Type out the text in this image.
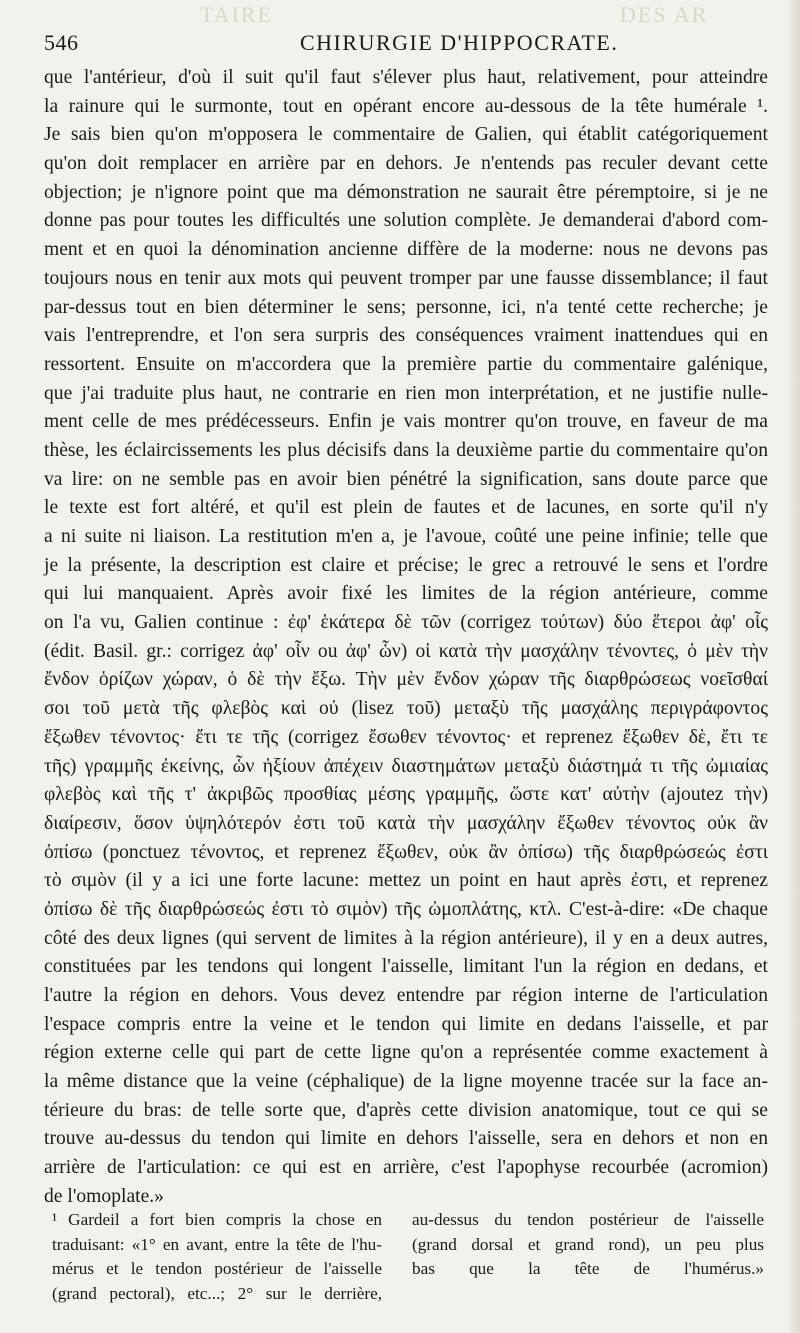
TAIRE	DES AR
546	CHIRURGIE D'HIPPOCRATE.
que l'antérieur, d'où il suit qu'il faut s'élever plus haut, relativement, pour atteindre
la rainure qui le surmonte, tout en opérant encore au-dessous de la tête humérale ¹.
Je sais bien qu'on m'opposera le commentaire de Galien, qui établit catégoriquement
qu'on doit remplacer en arrière par en dehors. Je n'entends pas reculer devant cette
objection; je n'ignore point que ma démonstration ne saurait être péremptoire, si je ne
donne pas pour toutes les difficultés une solution complète. Je demanderai d'abord com-
ment et en quoi la dénomination ancienne diffère de la moderne: nous ne devons pas
toujours nous en tenir aux mots qui peuvent tromper par une fausse dissemblance; il faut
par-dessus tout en bien déterminer le sens; personne, ici, n'a tenté cette recherche; je
vais l'entreprendre, et l'on sera surpris des conséquences vraiment inattendues qui en
ressortent. Ensuite on m'accordera que la première partie du commentaire galénique,
que j'ai traduite plus haut, ne contrarie en rien mon interprétation, et ne justifie nulle-
ment celle de mes prédécesseurs. Enfin je vais montrer qu'on trouve, en faveur de ma
thèse, les éclaircissements les plus décisifs dans la deuxième partie du commentaire qu'on
va lire: on ne semble pas en avoir bien pénétré la signification, sans doute parce que
le texte est fort altéré, et qu'il est plein de fautes et de lacunes, en sorte qu'il n'y
a ni suite ni liaison. La restitution m'en a, je l'avoue, coûté une peine infinie; telle que
je la présente, la description est claire et précise; le grec a retrouvé le sens et l'ordre
qui lui manquaient. Après avoir fixé les limites de la région antérieure, comme
on l'a vu, Galien continue : ἐφ' ἑκάτερα δὲ τῶν (corrigez τούτων) δύο ἕτεροι ἀφ' οἷς
(édit. Basil. gr.: corrigez ἀφ' οἷν ou ἀφ' ὧν) οἱ κατὰ τὴν μασχάλην τένοντες, ὁ μὲν τὴν
ἔνδον ὁρίζων χώραν, ὁ δὲ τὴν ἔξω. Τὴν μὲν ἔνδον χώραν τῆς διαρθρώσεως νοεῖσθαί
σοι τοῦ μετὰ τῆς φλεβὸς καὶ οὐ (lisez τοῦ) μεταξὺ τῆς μασχάλης περιγράφοντος
ἔξωθεν τένοντος· ἔτι τε τῆς (corrigez ἔσωθεν τένοντος· et reprenez ἔξωθεν δὲ, ἔτι τε
τῆς) γραμμῆς ἐκείνης, ὧν ἠξίουν ἀπέχειν διαστημάτων μεταξὺ διάστημά τι τῆς ὠμιαίας
φλεβὸς καὶ τῆς τ' ἀκριβῶς προσθίας μέσης γραμμῆς, ὥστε κατ' αὐτὴν (ajoutez τὴν)
διαίρεσιν, ὅσον ὑψηλότερόν ἐστι τοῦ κατὰ τὴν μασχάλην ἔξωθεν τένοντος οὐκ ἂν
ὀπίσω (ponctuez τένοντος, et reprenez ἔξωθεν, οὐκ ἂν ὀπίσω) τῆς διαρθρώσεώς ἐστι
τὸ σιμὸν (il y a ici une forte lacune: mettez un point en haut après ἐστι, et reprenez
ὀπίσω δὲ τῆς διαρθρώσεώς ἐστι τὸ σιμὸν) τῆς ὠμοπλάτης, κτλ. C'est-à-dire: «De chaque
côté des deux lignes (qui servent de limites à la région antérieure), il y en a deux autres,
constituées par les tendons qui longent l'aisselle, limitant l'un la région en dedans, et
l'autre la région en dehors. Vous devez entendre par région interne de l'articulation
l'espace compris entre la veine et le tendon qui limite en dedans l'aisselle, et par
région externe celle qui part de cette ligne qu'on a représentée comme exactement à
la même distance que la veine (céphalique) de la ligne moyenne tracée sur la face an-
térieure du bras: de telle sorte que, d'après cette division anatomique, tout ce qui se
trouve au-dessus du tendon qui limite en dehors l'aisselle, sera en dehors et non en
arrière de l'articulation: ce qui est en arrière, c'est l'apophyse recourbée (acromion)
de l'omoplate.»
¹ Gardeil a fort bien compris la chose en
traduisant: «1° en avant, entre la tête de l'hu-
mérus et le tendon postérieur de l'aisselle
(grand pectoral), etc...; 2° sur le derrière,
au-dessus du tendon postérieur de l'aisselle
(grand dorsal et grand rond), un peu plus
bas que la tête de l'humérus.»
